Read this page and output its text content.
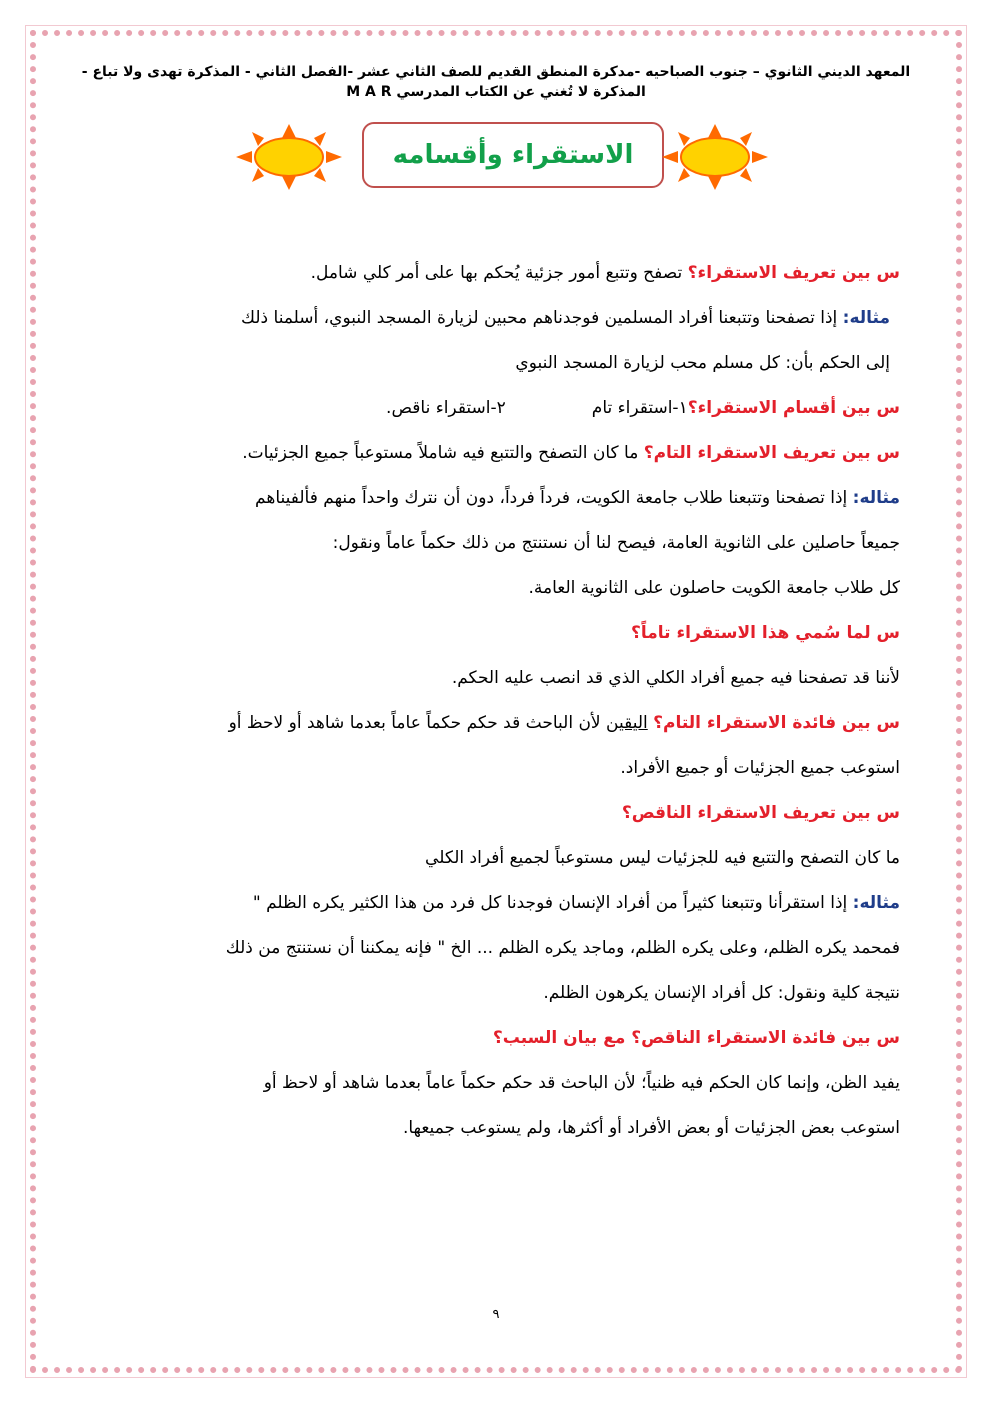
المعهد الديني الثانوي – جنوب الصباحيه -مدكرة المنطق القديم للصف الثاني عشر -الفصل الثاني - المذكرة تهدى ولا تباع -
المذكرة لا تُغني عن الكتاب المدرسي M A R
الاستقراء وأقسامه
س بين تعريف الاستقراء؟ تصفح وتتبع أمور جزئية يُحكم بها على أمر كلي شامل.
مثاله: إذا تصفحنا وتتبعنا أفراد المسلمين فوجدناهم محبين لزيارة المسجد النبوي، أسلمنا ذلك
إلى الحكم بأن: كل مسلم محب لزيارة المسجد النبوي
س بين أقسام الاستقراء؟١-استقراء تام٢-استقراء ناقص.
س بين تعريف الاستقراء التام؟ ما كان التصفح والتتبع فيه شاملاً مستوعباً جميع الجزئيات.
مثاله: إذا تصفحنا وتتبعنا طلاب جامعة الكويت، فرداً فرداً، دون أن نترك واحداً منهم فألفيناهم
جميعاً حاصلين على الثانوية العامة، فيصح لنا أن نستنتج من ذلك حكماً عاماً ونقول:
كل طلاب جامعة الكويت حاصلون على الثانوية العامة.
س لما سُمي هذا الاستقراء تاماً؟
لأننا قد تصفحنا فيه جميع أفراد الكلي الذي قد انصب عليه الحكم.
س بين فائدة الاستقراء التام؟ اليقين لأن الباحث قد حكم حكماً عاماً بعدما شاهد أو لاحظ أو
استوعب جميع الجزئيات أو جميع الأفراد.
س بين تعريف الاستقراء الناقص؟
ما كان التصفح والتتبع فيه للجزئيات ليس مستوعباً لجميع أفراد الكلي
مثاله: إذا استقرأنا وتتبعنا كثيراً من أفراد الإنسان فوجدنا كل فرد من هذا الكثير يكره الظلم "
فمحمد يكره الظلم، وعلى يكره الظلم، وماجد يكره الظلم ... الخ " فإنه يمكننا أن نستنتج من ذلك
نتيجة كلية ونقول: كل أفراد الإنسان يكرهون الظلم.
س بين فائدة الاستقراء الناقص؟ مع بيان السبب؟
يفيد الظن، وإنما كان الحكم فيه ظنياً؛ لأن الباحث قد حكم حكماً عاماً بعدما شاهد أو لاحظ أو
استوعب بعض الجزئيات أو بعض الأفراد أو أكثرها، ولم يستوعب جميعها.
٩
